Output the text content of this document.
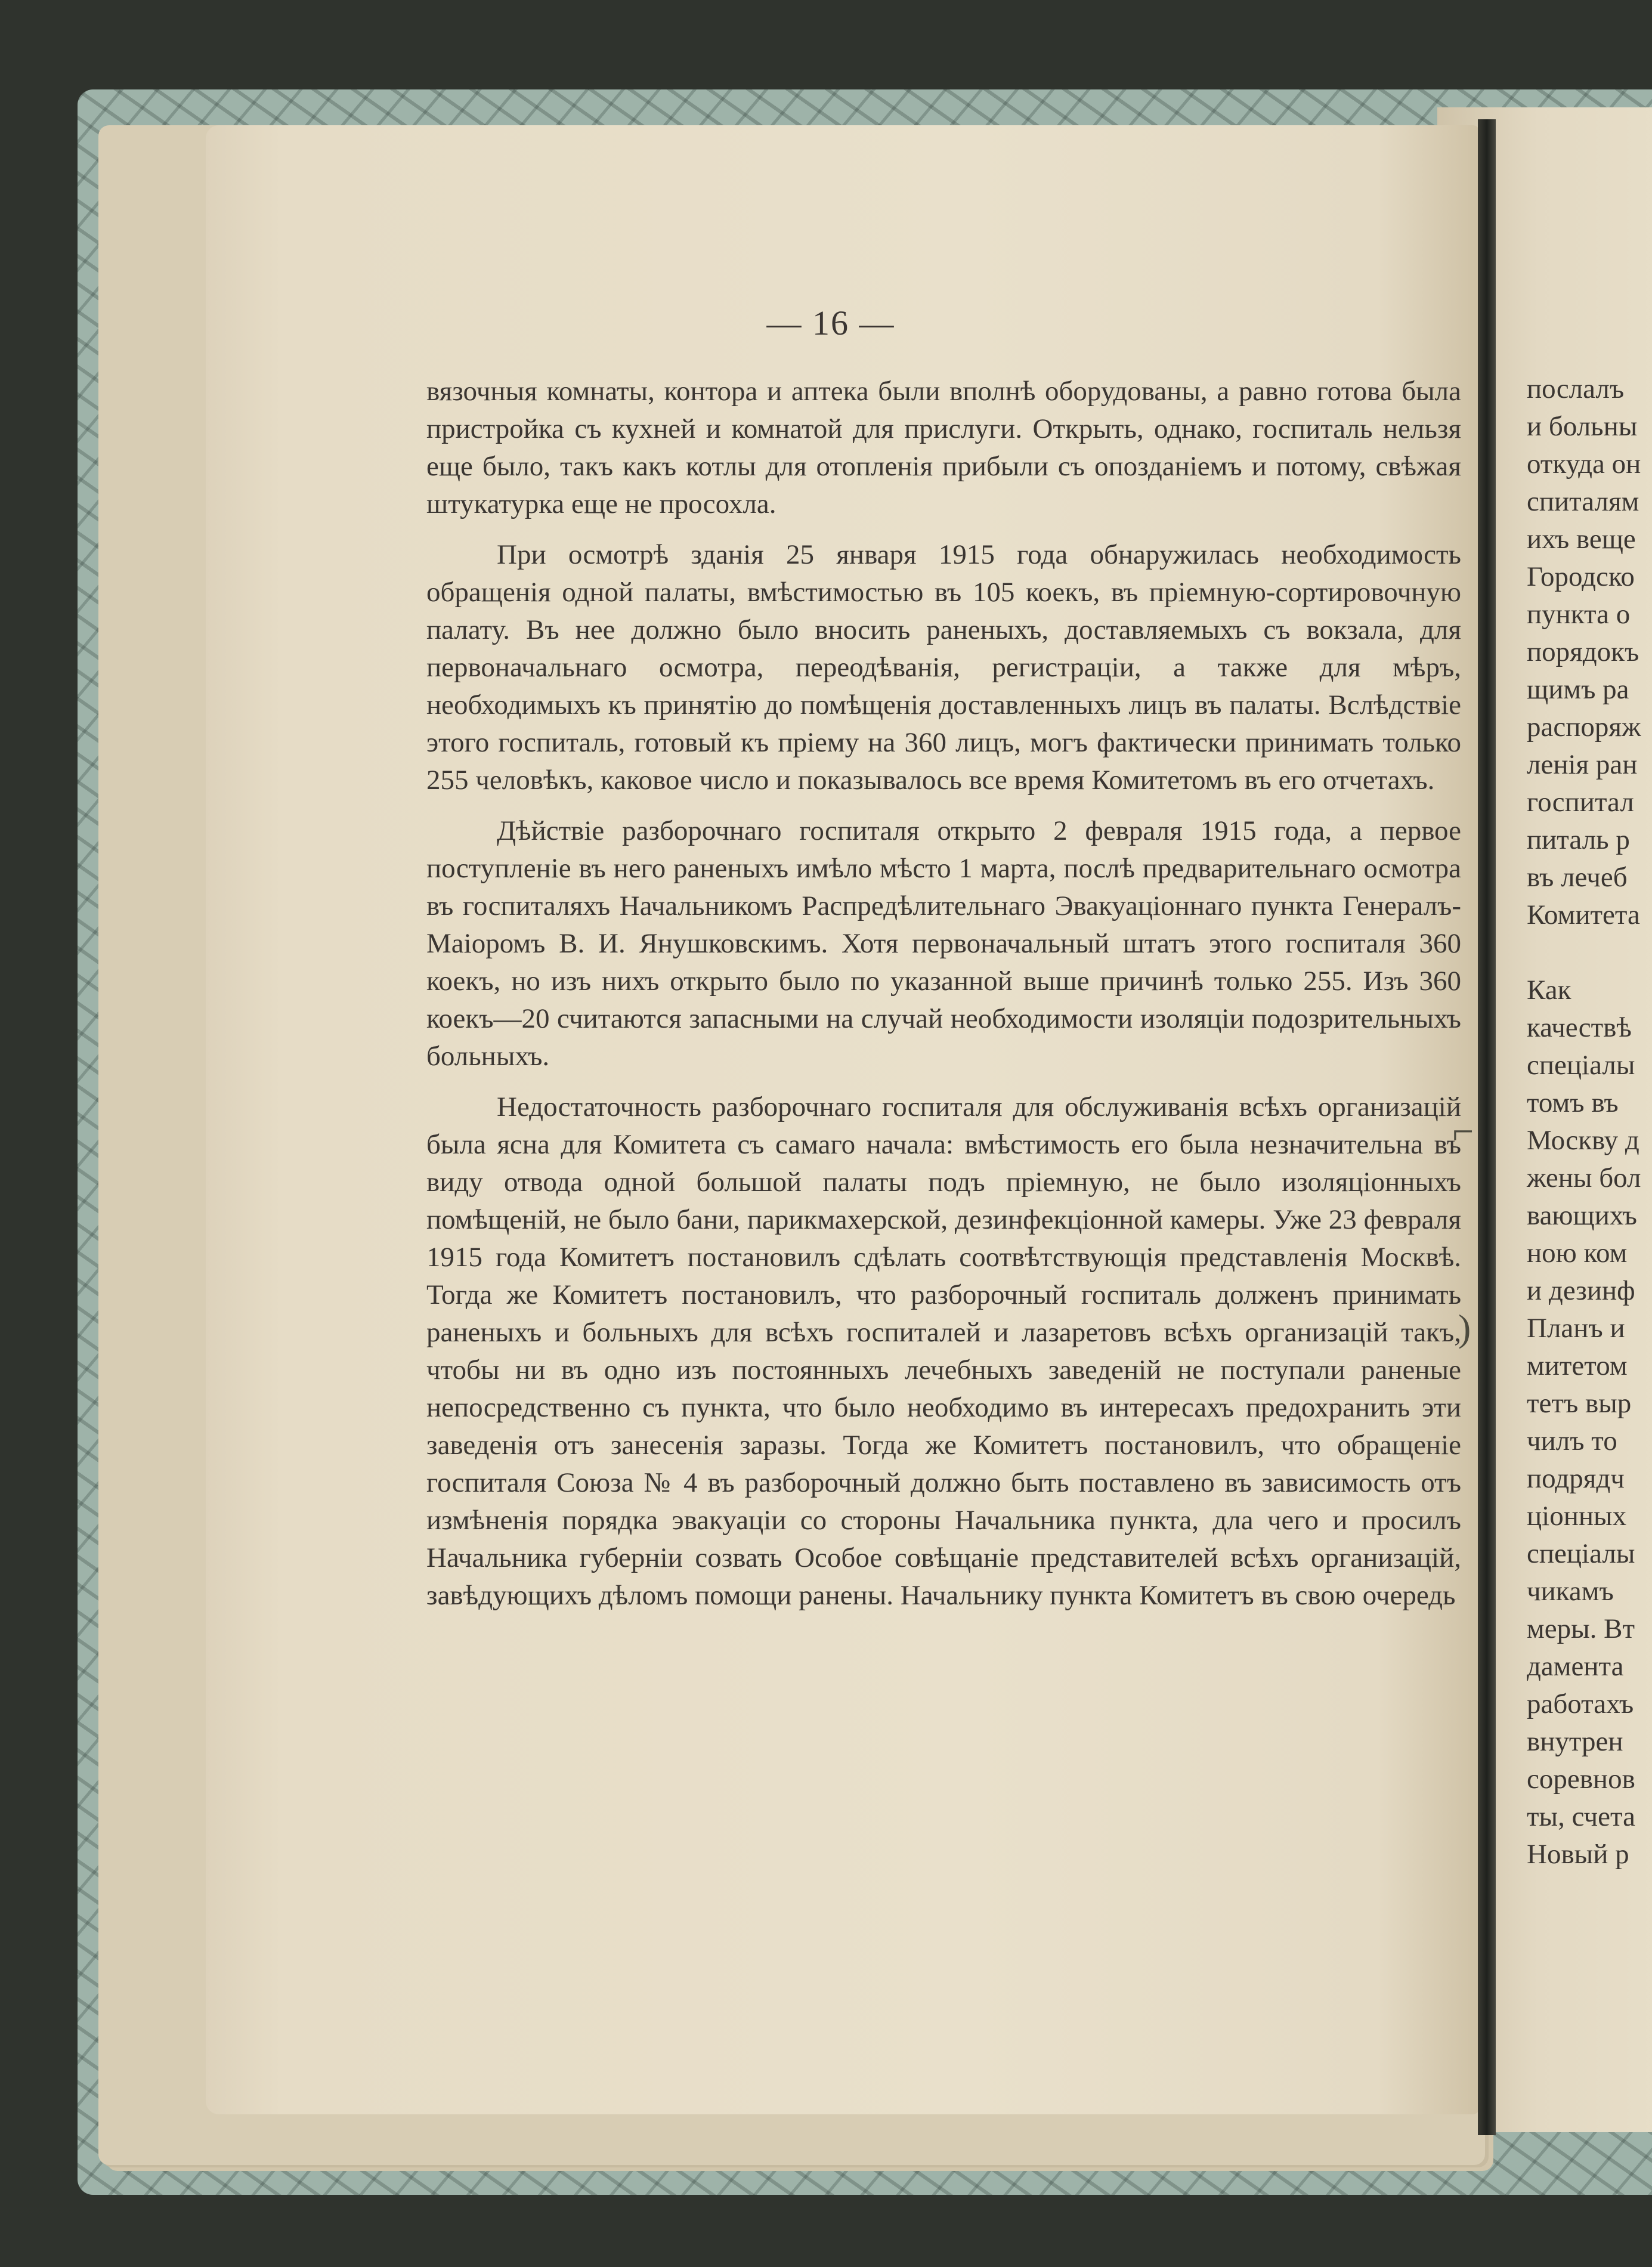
послалъ
и больны
откуда он
спиталям
ихъ веще
Городско
пункта о
порядокъ
щимъ ра
распоряж
ленія ран
госпитал
питаль р
въ лечеб
Комитета
Как
качествѣ
спеціалы
томъ въ
Москву д
жены бол
вающихъ
ною ком
и дезинф
Планъ и
митетом
тетъ выр
чилъ то
подрядч
ціонных
спеціалы
чикамъ
меры. Вт
дамента
работахъ
внутрен
соревнов
ты, счета
Новый р
— 16 —

вязочныя комнаты, контора и аптека были вполнѣ оборудованы, а равно готова была пристройка съ кухней и комнатой для прислуги. Открыть, однако, госпиталь нельзя еще было, такъ какъ котлы для отопленія прибыли съ опозданіемъ и потому, свѣжая штукатурка еще не просохла.

При осмотрѣ зданія 25 января 1915 года обнаружилась необходимость обращенія одной палаты, вмѣстимостью въ 105 коекъ, въ пріемную-сортировочную палату. Въ нее должно было вносить раненыхъ, доставляемыхъ съ вокзала, для первоначальнаго осмотра, переодѣванія, регистраціи, а также для мѣръ, необходимыхъ къ принятію до помѣщенія доставленныхъ лицъ въ палаты. Вслѣдствіе этого госпиталь, готовый къ пріему на 360 лицъ, могъ фактически принимать только 255 человѣкъ, каковое число и показывалось все время Комитетомъ въ его отчетахъ.

Дѣйствіе разборочнаго госпиталя открыто 2 февраля 1915 года, а первое поступленіе въ него раненыхъ имѣло мѣсто 1 марта, послѣ предварительнаго осмотра въ госпиталяхъ Начальникомъ Распредѣлительнаго Эвакуаціоннаго пункта Генералъ-Маіоромъ В. И. Янушковскимъ. Хотя первоначальный штатъ этого госпиталя 360 коекъ, но изъ нихъ открыто было по указанной выше причинѣ только 255. Изъ 360 коекъ—20 считаются запасными на случай необходимости изоляціи подозрительныхъ больныхъ.

Недостаточность разборочнаго госпиталя для обслуживанія всѣхъ организацій была ясна для Комитета съ самаго начала: вмѣстимость его была незначительна въ виду отвода одной большой палаты подъ пріемную, не было изоляціонныхъ помѣщеній, не было бани, парикмахерской, дезинфекціонной камеры. Уже 23 февраля 1915 года Комитетъ постановилъ сдѣлать соотвѣтствующія представленія Москвѣ. Тогда же Комитетъ постановилъ, что разборочный госпиталь долженъ принимать раненыхъ и больныхъ для всѣхъ госпиталей и лазаретовъ всѣхъ организацій такъ, чтобы ни въ одно изъ постоянныхъ лечебныхъ заведеній не поступали раненые непосредственно съ пункта, что было необходимо въ интересахъ предохранить эти заведенія отъ занесенія заразы. Тогда же Комитетъ постановилъ, что обращеніе госпиталя Союза № 4 въ разборочный должно быть поставлено въ зависимость отъ измѣненія порядка эвакуаціи со стороны Начальника пункта, дла чего и просилъ Начальника губерніи созвать Особое совѣщаніе представителей всѣхъ организацій, завѣдующихъ дѣломъ помощи ранены. Начальнику пункта Комитетъ въ свою очередь

⌐
)
